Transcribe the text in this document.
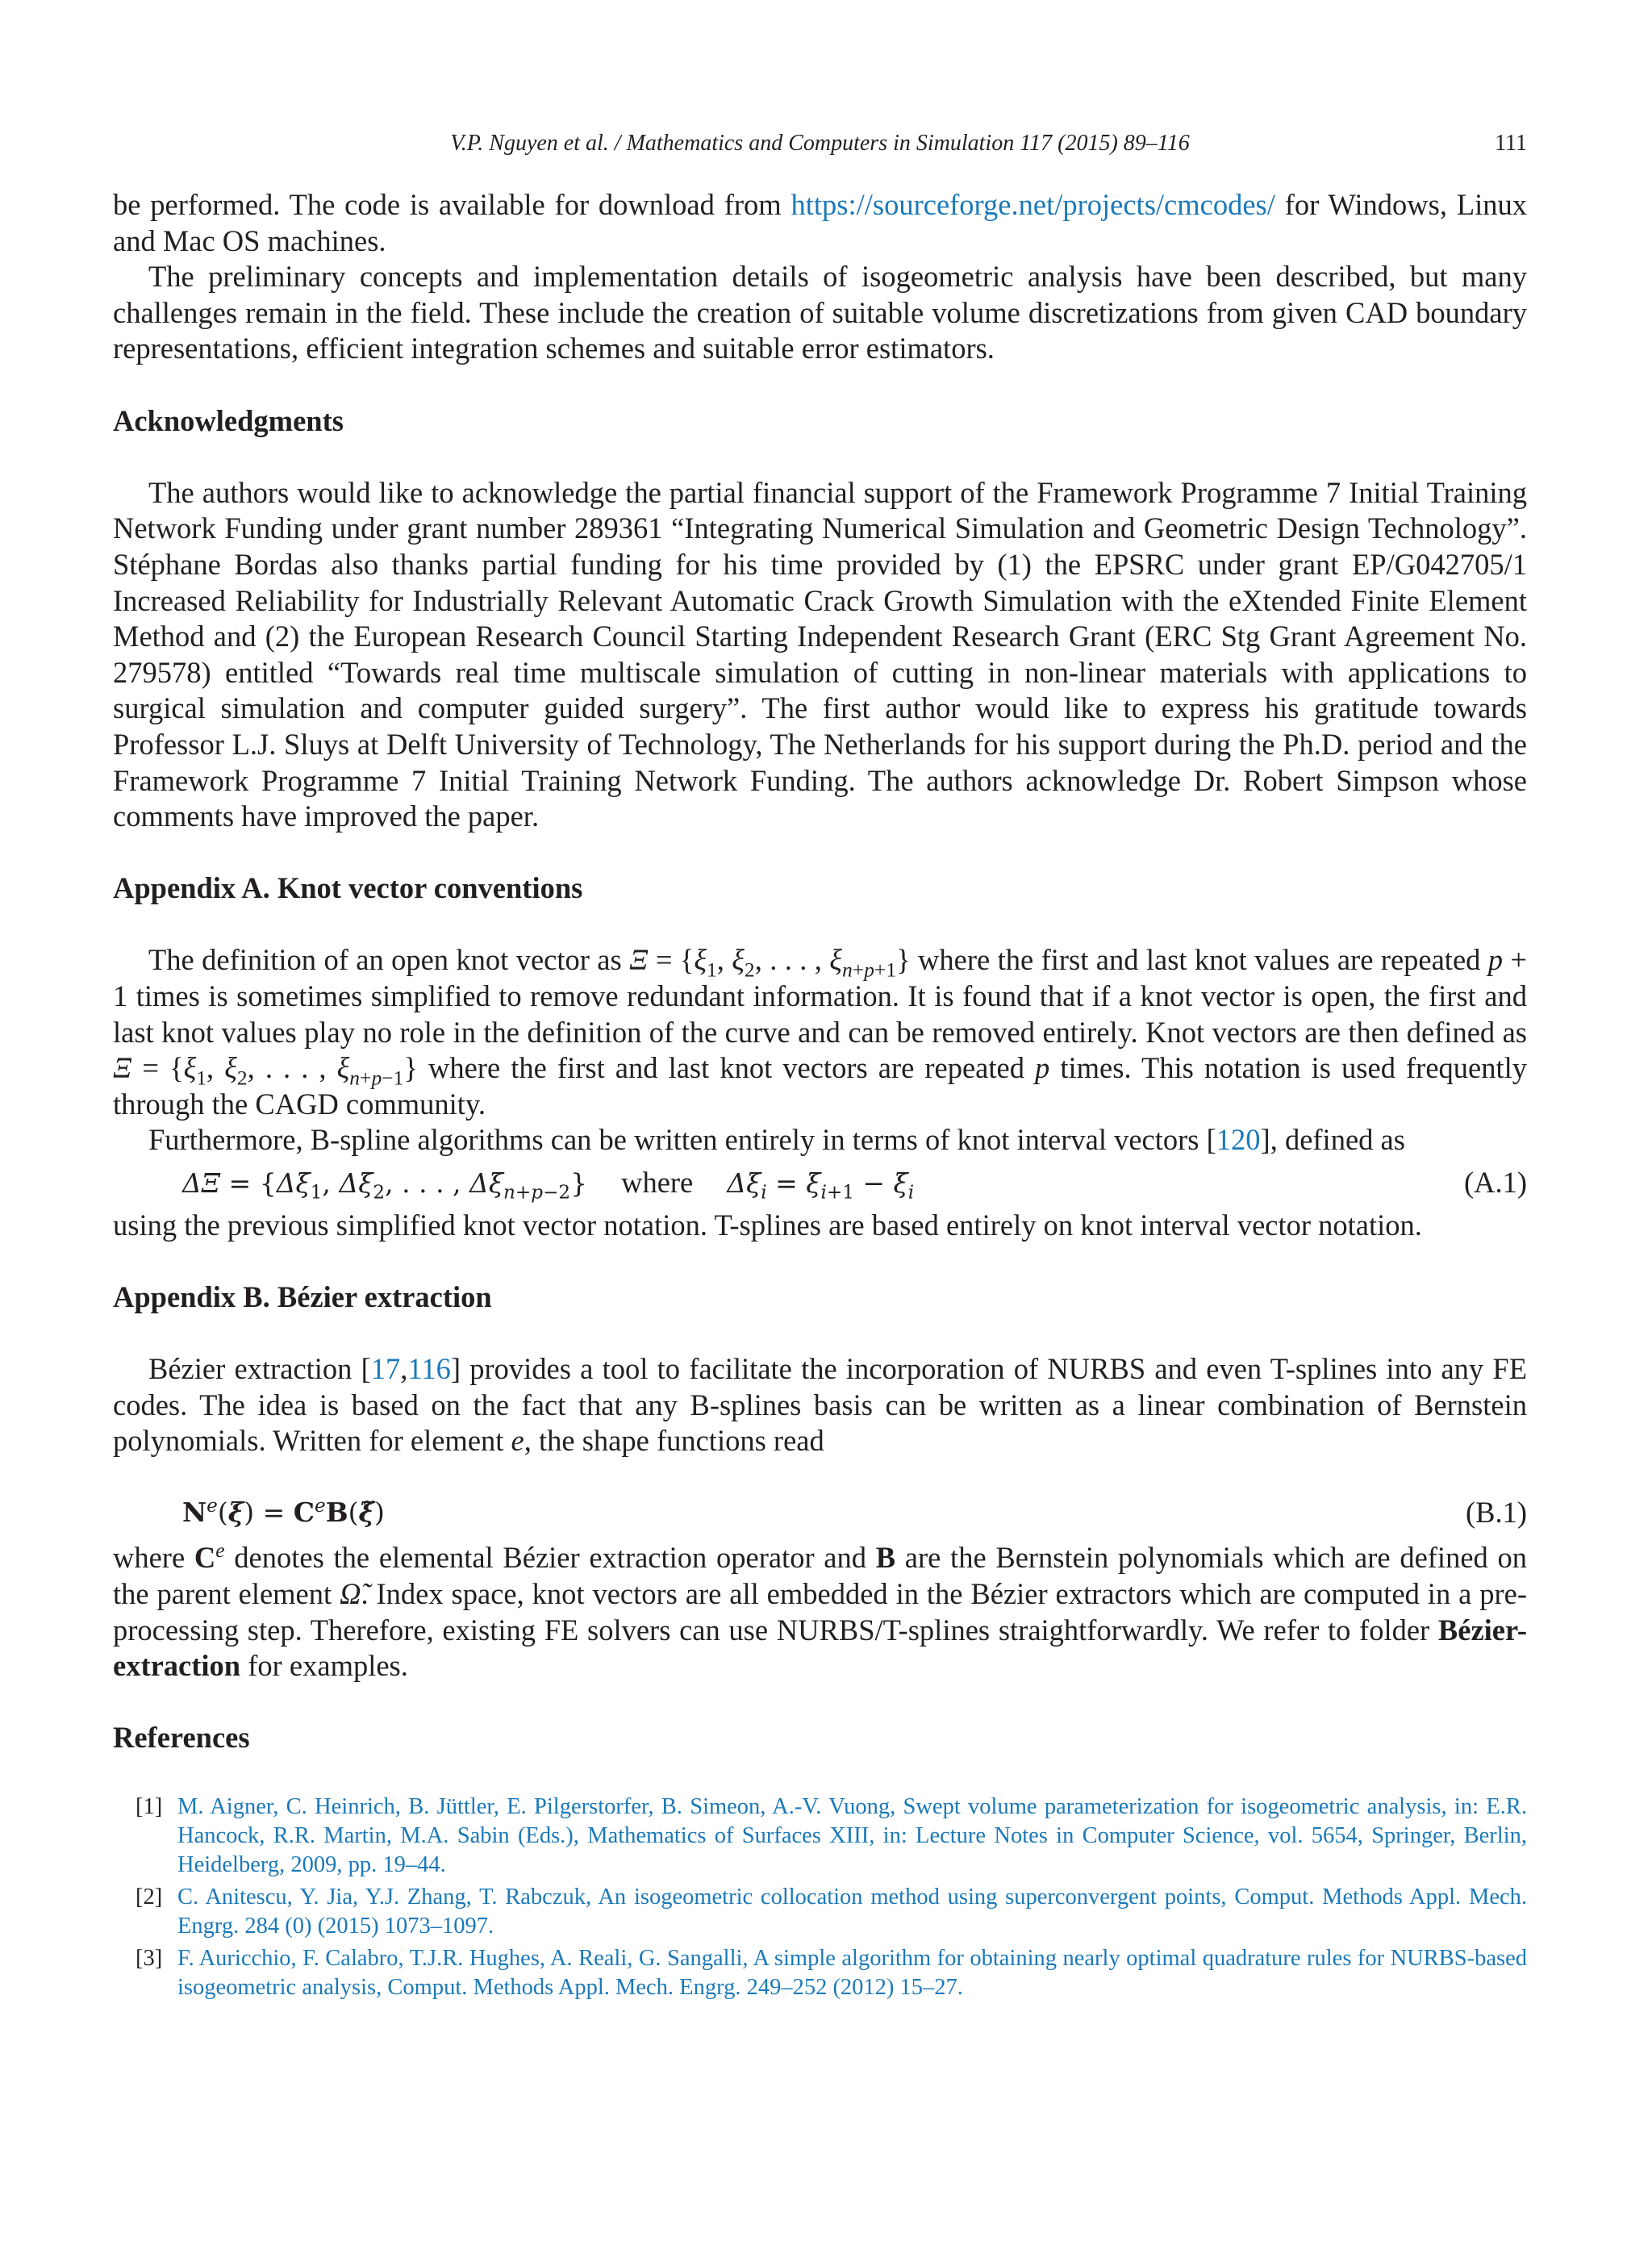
V.P. Nguyen et al. / Mathematics and Computers in Simulation 117 (2015) 89–116	111

be performed. The code is available for download from https://sourceforge.net/projects/cmcodes/ for Windows, Linux and Mac OS machines.

The preliminary concepts and implementation details of isogeometric analysis have been described, but many challenges remain in the field. These include the creation of suitable volume discretizations from given CAD boundary representations, efficient integration schemes and suitable error estimators.

Acknowledgments

The authors would like to acknowledge the partial financial support of the Framework Programme 7 Initial Training Network Funding under grant number 289361 “Integrating Numerical Simulation and Geometric Design Technology”. Stéphane Bordas also thanks partial funding for his time provided by (1) the EPSRC under grant EP/G042705/1 Increased Reliability for Industrially Relevant Automatic Crack Growth Simulation with the eXtended Finite Element Method and (2) the European Research Council Starting Independent Research Grant (ERC Stg Grant Agreement No. 279578) entitled “Towards real time multiscale simulation of cutting in non-linear materials with applications to surgical simulation and computer guided surgery”. The first author would like to express his gratitude towards Professor L.J. Sluys at Delft University of Technology, The Netherlands for his support during the Ph.D. period and the Framework Programme 7 Initial Training Network Funding. The authors acknowledge Dr. Robert Simpson whose comments have improved the paper.

Appendix A. Knot vector conventions

The definition of an open knot vector as $\Xi = \{\xi_1$, $\xi_2$, . . . , $\xi_{n+p+1}$} where the first and last knot values are repeated p + 1 times is sometimes simplified to remove redundant information. It is found that if a knot vector is open, the first and last knot values play no role in the definition of the curve and can be removed entirely. Knot vectors are then defined as $\Xi = \{\xi_1$, $\xi_2$, . . . , $\xi_{n+p-1}$} where the first and last knot vectors are repeated p times. This notation is used frequently through the CAGD community.

Furthermore, B-spline algorithms can be written entirely in terms of knot interval vectors [120], defined as

$\Delta\Xi = \{\Delta\xi_1$, $\Delta\xi_2$, . . . , $\Delta\xi_{n+p-2}$}    where $\Delta\xi_i = \xi_{i+1} - \xi_i$	(A.1)

using the previous simplified knot vector notation. T-splines are based entirely on knot interval vector notation.

Appendix B. Bézier extraction

Bézier extraction [17,116] provides a tool to facilitate the incorporation of NURBS and even T-splines into any FE codes. The idea is based on the fact that any B-splines basis can be written as a linear combination of Bernstein polynomials. Written for element e, the shape functions read

$N^e(\xi)$ = $C^eB(\xĩ)$	(B.1)

where Ce denotes the elemental Bézier extraction operator and B are the Bernstein polynomials which are defined on the parent element Ω̃. Index space, knot vectors are all embedded in the Bézier extractors which are computed in a pre-processing step. Therefore, existing FE solvers can use NURBS/T-splines straightforwardly. We refer to folder Bézier-extraction for examples.

References
[1] M. Aigner, C. Heinrich, B. Jüttler, E. Pilgerstorfer, B. Simeon, A.-V. Vuong, Swept volume parameterization for isogeometric analysis, in: E.R. Hancock, R.R. Martin, M.A. Sabin (Eds.), Mathematics of Surfaces XIII, in: Lecture Notes in Computer Science, vol. 5654, Springer, Berlin, Heidelberg, 2009, pp. 19–44.
[2] C. Anitescu, Y. Jia, Y.J. Zhang, T. Rabczuk, An isogeometric collocation method using superconvergent points, Comput. Methods Appl. Mech. Engrg. 284 (0) (2015) 1073–1097.
[3] F. Auricchio, F. Calabro, T.J.R. Hughes, A. Reali, G. Sangalli, A simple algorithm for obtaining nearly optimal quadrature rules for NURBS-based isogeometric analysis, Comput. Methods Appl. Mech. Engrg. 249–252 (2012) 15–27.
